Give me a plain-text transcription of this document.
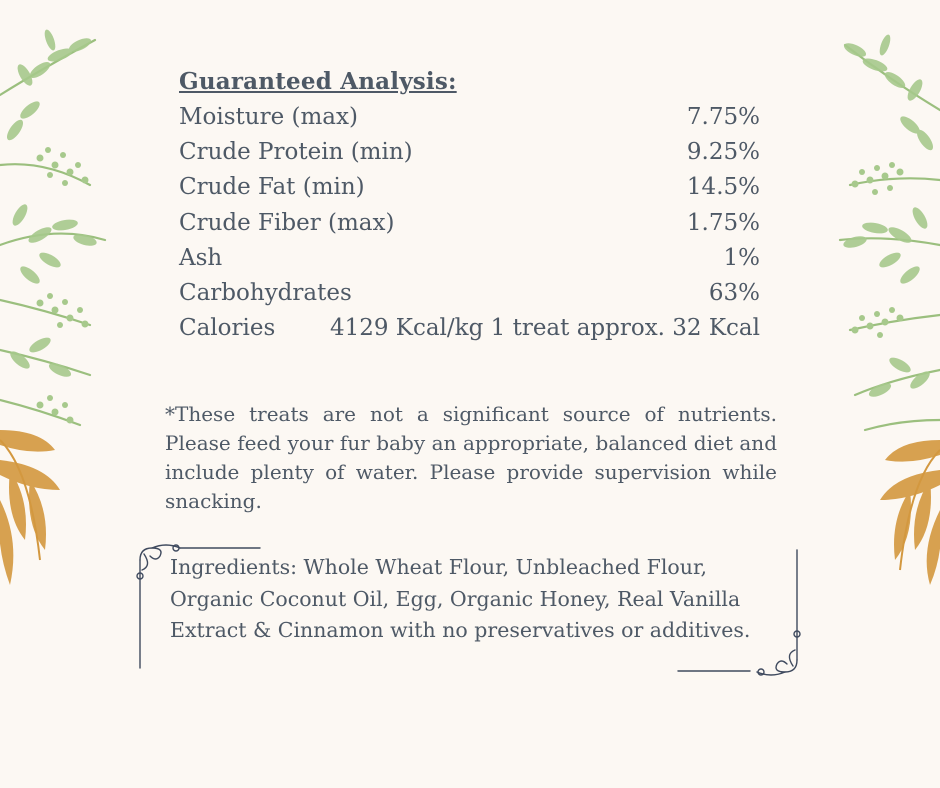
Guaranteed Analysis:
Moisture (max)	7.75%
Crude Protein (min)	9.25%
Crude Fat (min)	14.5%
Crude Fiber (max)	1.75%
Ash	1%
Carbohydrates	63%
Calories 4129 Kcal/kg 1 treat approx. 32 Kcal
*These treats are not a significant source of nutrients. Please feed your fur baby an appropriate, balanced diet and include plenty of water. Please provide supervision while snacking.
Ingredients: Whole Wheat Flour, Unbleached Flour, Organic Coconut Oil, Egg, Organic Honey, Real Vanilla Extract & Cinnamon with no preservatives or additives.
